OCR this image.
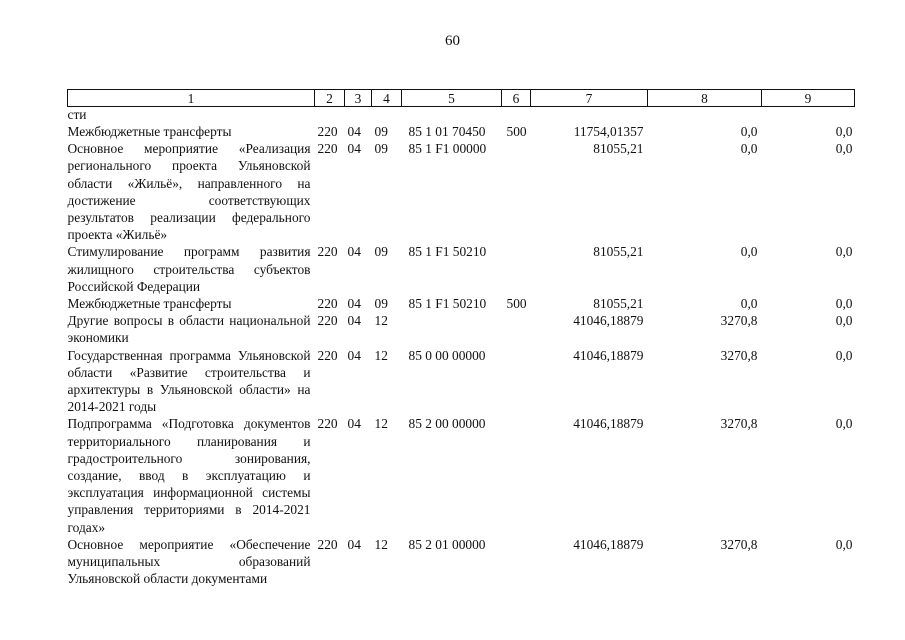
60
1	2	3	4	5	6	7	8	9
сти								
Межбюджетные трансферты	220	04	09	85 1 01 70450	500	11754,01357	0,0	0,0
Основное мероприятие «Реализация регионального проекта Ульяновской области «Жильё», направленного на достижение соответствующих результатов реализации федерального проекта «Жильё»	220	04	09	85 1 F1 00000		81055,21	0,0	0,0
Стимулирование программ развития жилищного строительства субъектов Российской Федерации	220	04	09	85 1 F1 50210		81055,21	0,0	0,0
Межбюджетные трансферты	220	04	09	85 1 F1 50210	500	81055,21	0,0	0,0
Другие вопросы в области национальной экономики	220	04	12			41046,18879	3270,8	0,0
Государственная программа Ульяновской области «Развитие строительства и архитектуры в Ульяновской области» на 2014-2021 годы	220	04	12	85 0 00 00000		41046,18879	3270,8	0,0
Подпрограмма «Подготовка документов территориального планирования и градостроительного зонирования, создание, ввод в эксплуатацию и эксплуатация информационной системы управления территориями в 2014-2021 годах»	220	04	12	85 2 00 00000		41046,18879	3270,8	0,0
Основное мероприятие «Обеспечение муниципальных образований Ульяновской области документами	220	04	12	85 2 01 00000		41046,18879	3270,8	0,0
